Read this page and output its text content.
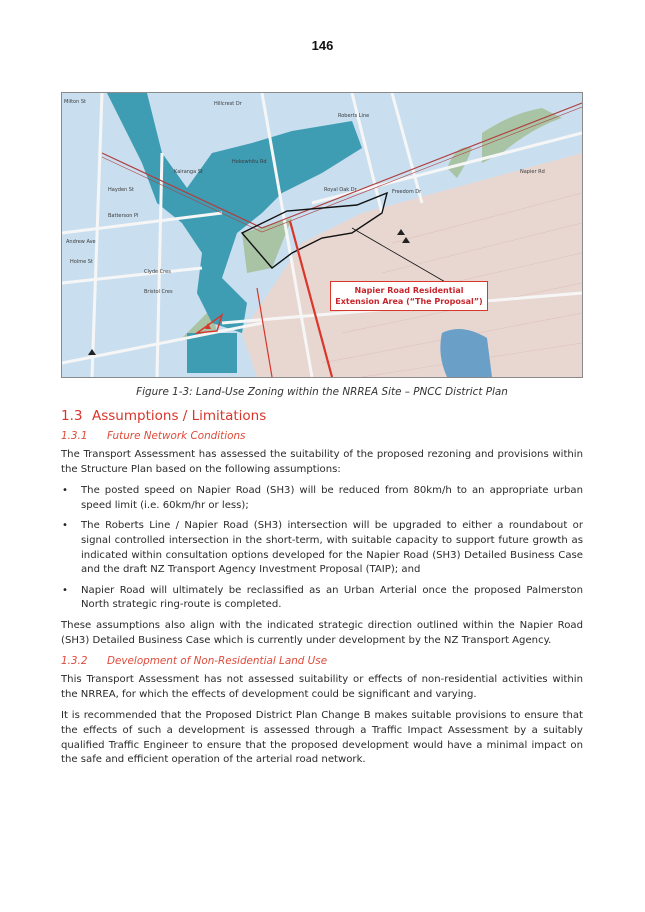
146
Hillcrest Dr
Kairanga St
Hokowhitu Rd
Royal Oak Dr	Freedom Dr
Napier Rd
Roberts Line
Andrew Ave
Batterson Pl
Clyde Cres
Bristol Cres
Milton St
Hayden St
Holme St
Napier Road Residential
Extension Area (“The Proposal”)
Figure 1-3: Land-Use Zoning within the NRREA Site – PNCC District Plan
1.3 Assumptions / Limitations
1.3.1 Future Network Conditions

The Transport Assessment has assessed the suitability of the proposed rezoning and provisions within the Structure Plan based on the following assumptions:

• The posted speed on Napier Road (SH3) will be reduced from 80km/h to an appropriate urban speed limit (i.e. 60km/hr or less);
• The Roberts Line / Napier Road (SH3) intersection will be upgraded to either a roundabout or signal controlled intersection in the short-term, with suitable capacity to support future growth as indicated within consultation options developed for the Napier Road (SH3) Detailed Business Case and the draft NZ Transport Agency Investment Proposal (TAIP); and
• Napier Road will ultimately be reclassified as an Urban Arterial once the proposed Palmerston North strategic ring-route is completed.

These assumptions also align with the indicated strategic direction outlined within the Napier Road (SH3) Detailed Business Case which is currently under development by the NZ Transport Agency.

1.3.2 Development of Non-Residential Land Use

This Transport Assessment has not assessed suitability or effects of non-residential activities within the NRREA, for which the effects of development could be significant and varying.

It is recommended that the Proposed District Plan Change B makes suitable provisions to ensure that the effects of such a development is assessed through a Traffic Impact Assessment by a suitably qualified Traffic Engineer to ensure that the proposed development would have a minimal impact on the safe and efficient operation of the arterial road network.
